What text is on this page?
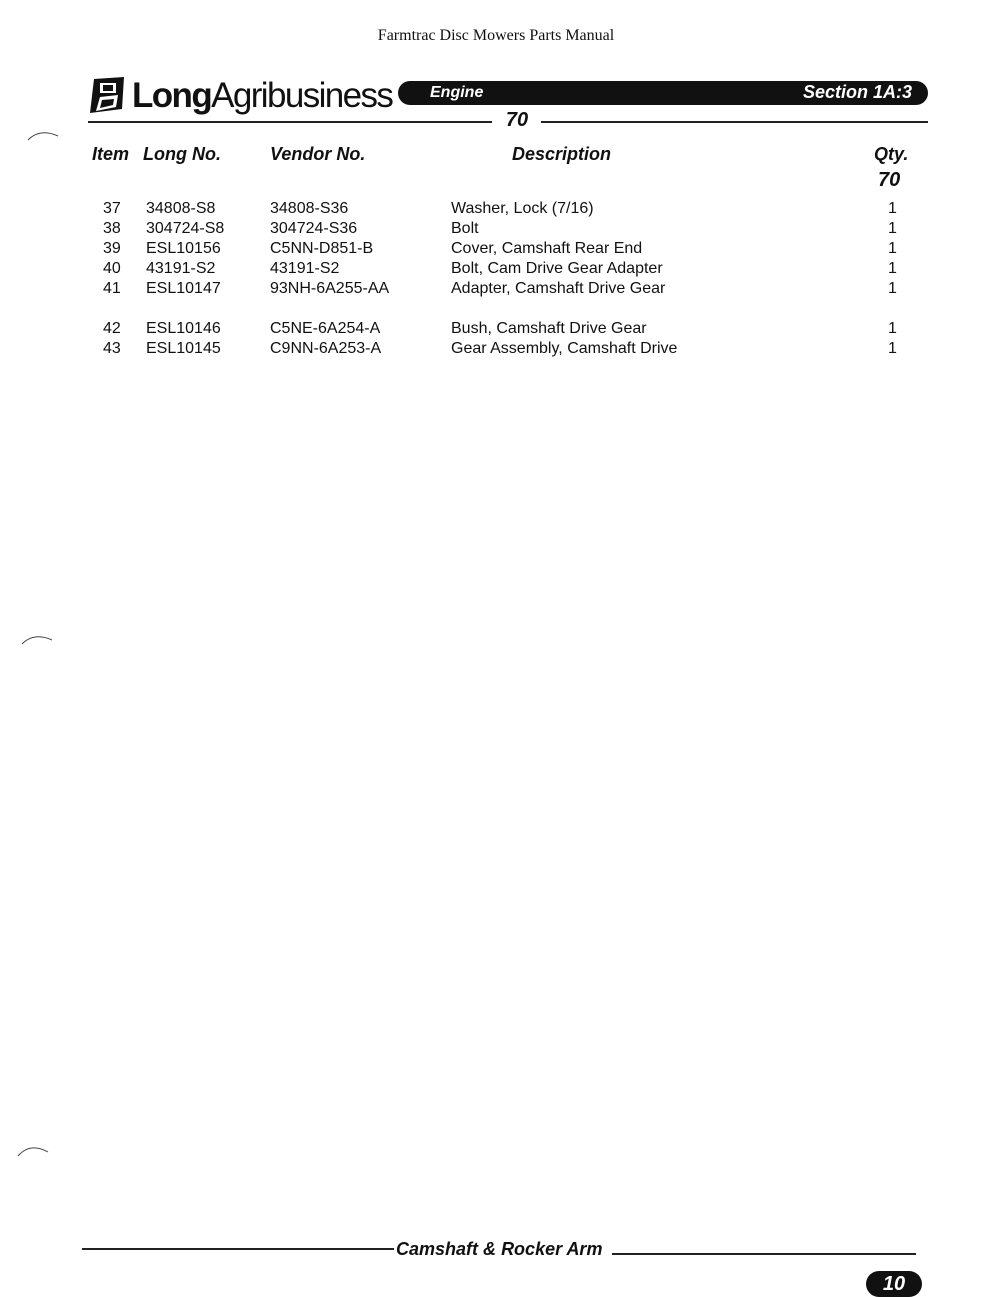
Farmtrac Disc Mowers Parts Manual
LongAgribusiness Engine	Section 1A:3
70
Item Long No.	Vendor No.	Description	Qty.
70
37 34808-S8	34808-S36	Washer, Lock (7/16)	1
38 304724-S8	304724-S36	Bolt	1
39 ESL10156	C5NN-D851-B	Cover, Camshaft Rear End	1
40 43191-S2	43191-S2	Bolt, Cam Drive Gear Adapter	1
41 ESL10147	93NH-6A255-AA	Adapter, Camshaft Drive Gear	1
42 ESL10146	C5NE-6A254-A	Bush, Camshaft Drive Gear	1
43 ESL10145	C9NN-6A253-A	Gear Assembly, Camshaft Drive	1
Camshaft & Rocker Arm
10
